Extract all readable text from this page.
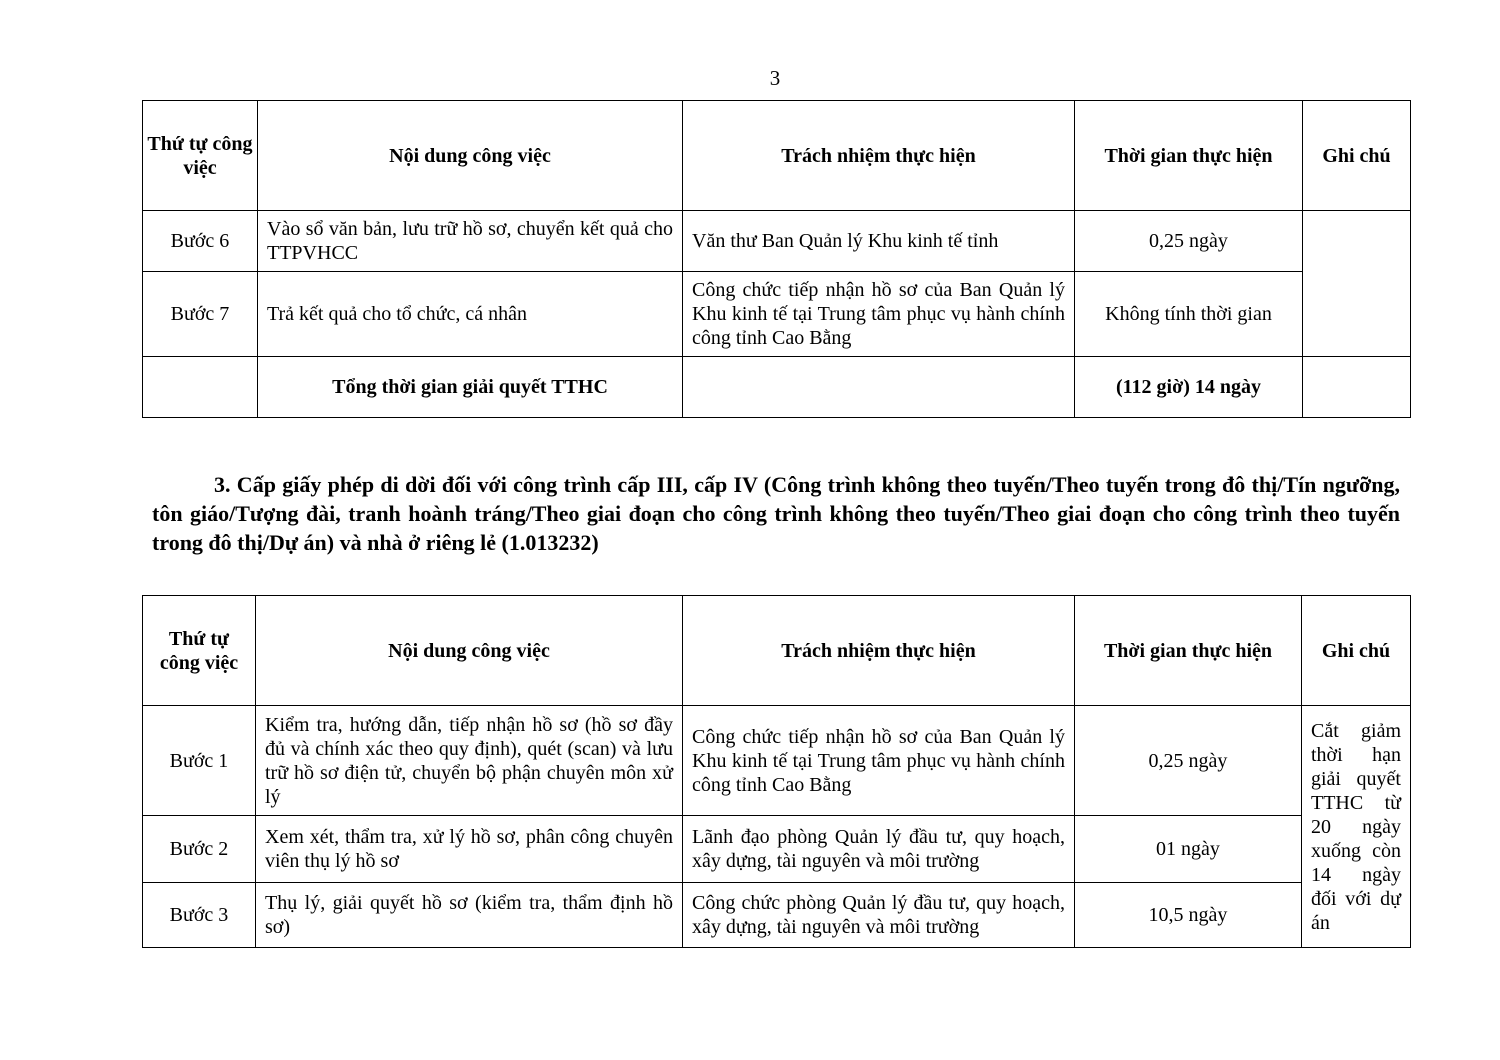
3
Thứ tự công việc	Nội dung công việc	Trách nhiệm thực hiện	Thời gian thực hiện	Ghi chú
Bước 6	Vào sổ văn bản, lưu trữ hồ sơ, chuyển kết quả cho TTPVHCC	Văn thư Ban Quản lý Khu kinh tế tỉnh	0,25 ngày	
Bước 7	Trả kết quả cho tổ chức, cá nhân	Công chức tiếp nhận hồ sơ của Ban Quản lý Khu kinh tế tại Trung tâm phục vụ hành chính công tỉnh Cao Bằng	Không tính thời gian	
	Tổng thời gian giải quyết TTHC		(112 giờ) 14 ngày	

3. Cấp giấy phép di dời đối với công trình cấp III, cấp IV (Công trình không theo tuyến/Theo tuyến trong đô thị/Tín ngưỡng, tôn giáo/Tượng đài, tranh hoành tráng/Theo giai đoạn cho công trình không theo tuyến/Theo giai đoạn cho công trình theo tuyến trong đô thị/Dự án) và nhà ở riêng lẻ (1.013232)

Thứ tự công việc	Nội dung công việc	Trách nhiệm thực hiện	Thời gian thực hiện	Ghi chú
Bước 1	Kiểm tra, hướng dẫn, tiếp nhận hồ sơ (hồ sơ đầy đủ và chính xác theo quy định), quét (scan) và lưu trữ hồ sơ điện tử, chuyển bộ phận chuyên môn xử lý	Công chức tiếp nhận hồ sơ của Ban Quản lý Khu kinh tế tại Trung tâm phục vụ hành chính công tỉnh Cao Bằng	0,25 ngày	Cắt giảm thời hạn giải quyết TTHC từ 20 ngày xuống còn 14 ngày đối với dự án
Bước 2	Xem xét, thẩm tra, xử lý hồ sơ, phân công chuyên viên thụ lý hồ sơ	Lãnh đạo phòng Quản lý đầu tư, quy hoạch, xây dựng, tài nguyên và môi trường	01 ngày	
Bước 3	Thụ lý, giải quyết hồ sơ (kiểm tra, thẩm định hồ sơ)	Công chức phòng Quản lý đầu tư, quy hoạch, xây dựng, tài nguyên và môi trường	10,5 ngày	
